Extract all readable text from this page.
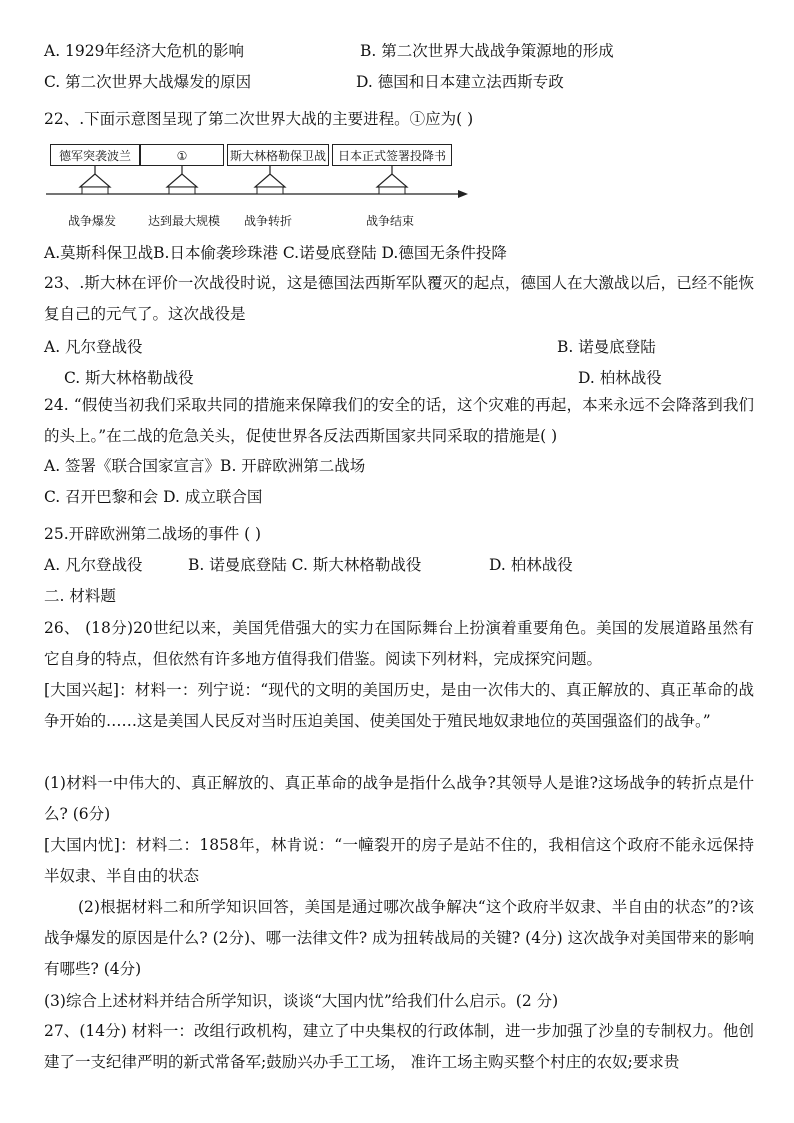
A. 1929年经济大危机的影响	B. 第二次世界大战战争策源地的形成
C. 第二次世界大战爆发的原因	D. 德国和日本建立法西斯专政
22、.下面示意图呈现了第二次世界大战的主要进程。①应为( )
德军突袭波兰	①	斯大林格勒保卫战 日本正式签署投降书
战争爆发	达到最大规模 战争转折	战争结束
A.莫斯科保卫战B.日本偷袭珍珠港 C.诺曼底登陆 D.德国无条件投降
23、.斯大林在评价一次战役时说，这是德国法西斯军队覆灭的起点，德国人在大激战以后，已经不能恢复自己的元气了。这次战役是
A. 凡尔登战役	B. 诺曼底登陆
C. 斯大林格勒战役	D. 柏林战役
24. “假使当初我们采取共同的措施来保障我们的安全的话，这个灾难的再起，本来永远不会降落到我们的头上。”在二战的危急关头，促使世界各反法西斯国家共同采取的措施是( )
A. 签署《联合国家宣言》B. 开辟欧洲第二战场
C. 召开巴黎和会 D. 成立联合国
25.开辟欧洲第二战场的事件 ( )
A. 凡尔登战役	B. 诺曼底登陆 C. 斯大林格勒战役	D. 柏林战役
二. 材料题
26、 (18分)20世纪以来，美国凭借强大的实力在国际舞台上扮演着重要角色。美国的发展道路虽然有它自身的特点，但依然有许多地方值得我们借鉴。阅读下列材料，完成探究问题。
[大国兴起]：材料一：列宁说：“现代的文明的美国历史，是由一次伟大的、真正解放的、真正革命的战争开始的……这是美国人民反对当时压迫美国、使美国处于殖民地奴隶地位的英国强盗们的战争。”
(1)材料一中伟大的、真正解放的、真正革命的战争是指什么战争?其领导人是谁?这场战争的转折点是什么? (6分)
[大国内忧]：材料二：1858年，林肯说：“一幢裂开的房子是站不住的，我相信这个政府不能永远保持半奴隶、半自由的状态
(2)根据材料二和所学知识回答，美国是通过哪次战争解决“这个政府半奴隶、半自由的状态”的?该战争爆发的原因是什么? (2分)、哪一法律文件? 成为扭转战局的关键? (4分) 这次战争对美国带来的影响有哪些? (4分)
(3)综合上述材料并结合所学知识，谈谈“大国内忧”给我们什么启示。(2 分)
27、(14分) 材料一：改组行政机构，建立了中央集权的行政体制，进一步加强了沙皇的专制权力。他创建了一支纪律严明的新式常备军;鼓励兴办手工工场， 准许工场主购买整个村庄的农奴;要求贵
